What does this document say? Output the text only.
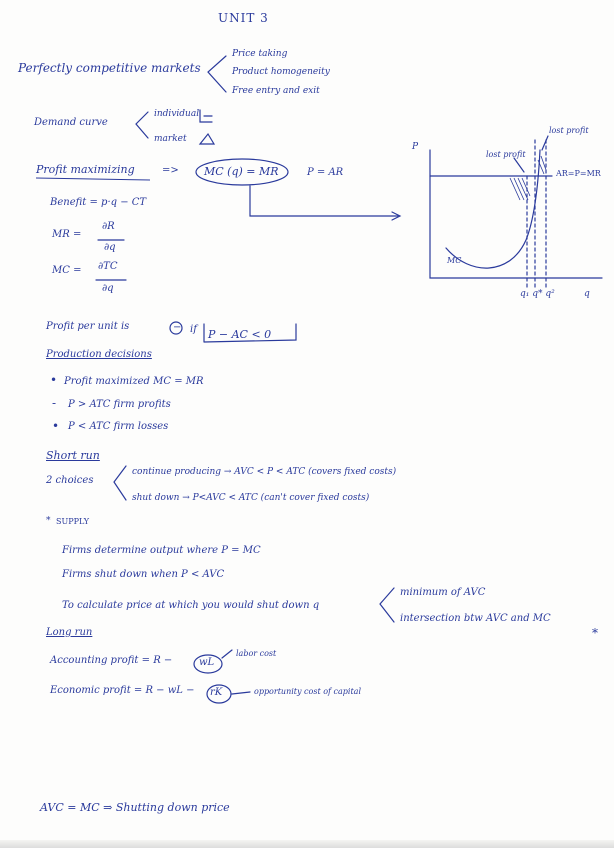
UNIT 3
Perfectly competitive markets
Price taking
Product homogeneity
Free entry and exit
Demand curve
individual
market
Profit maximizing	=> MC (q) = MR	P = AR
Benefit = p·q − CT
MR =
∂R
∂q
MC = ∂TC
∂q
P
lost profit
lost profit
AR=P=MR
MC
q₁ q* q²	q
Profit per unit is	− if P − AC < 0
Production decisions
Profit maximized MC = MR
P > ATC firm profits
P < ATC firm losses
•
-
•
Short run
2 choices
continue producing → AVC < P < ATC (covers fixed costs)
shut down → P<AVC < ATC (can't cover fixed costs)
* SUPPLY
Firms determine output where P = MC
Firms shut down when P < AVC
To calculate price at which you would shut down q
minimum of AVC
intersection btw AVC and MC
*
Long run
Accounting profit = R −	wL
labor cost
Economic profit = R − wL − rK	opportunity cost of capital
AVC = MC ⇒ Shutting down price
